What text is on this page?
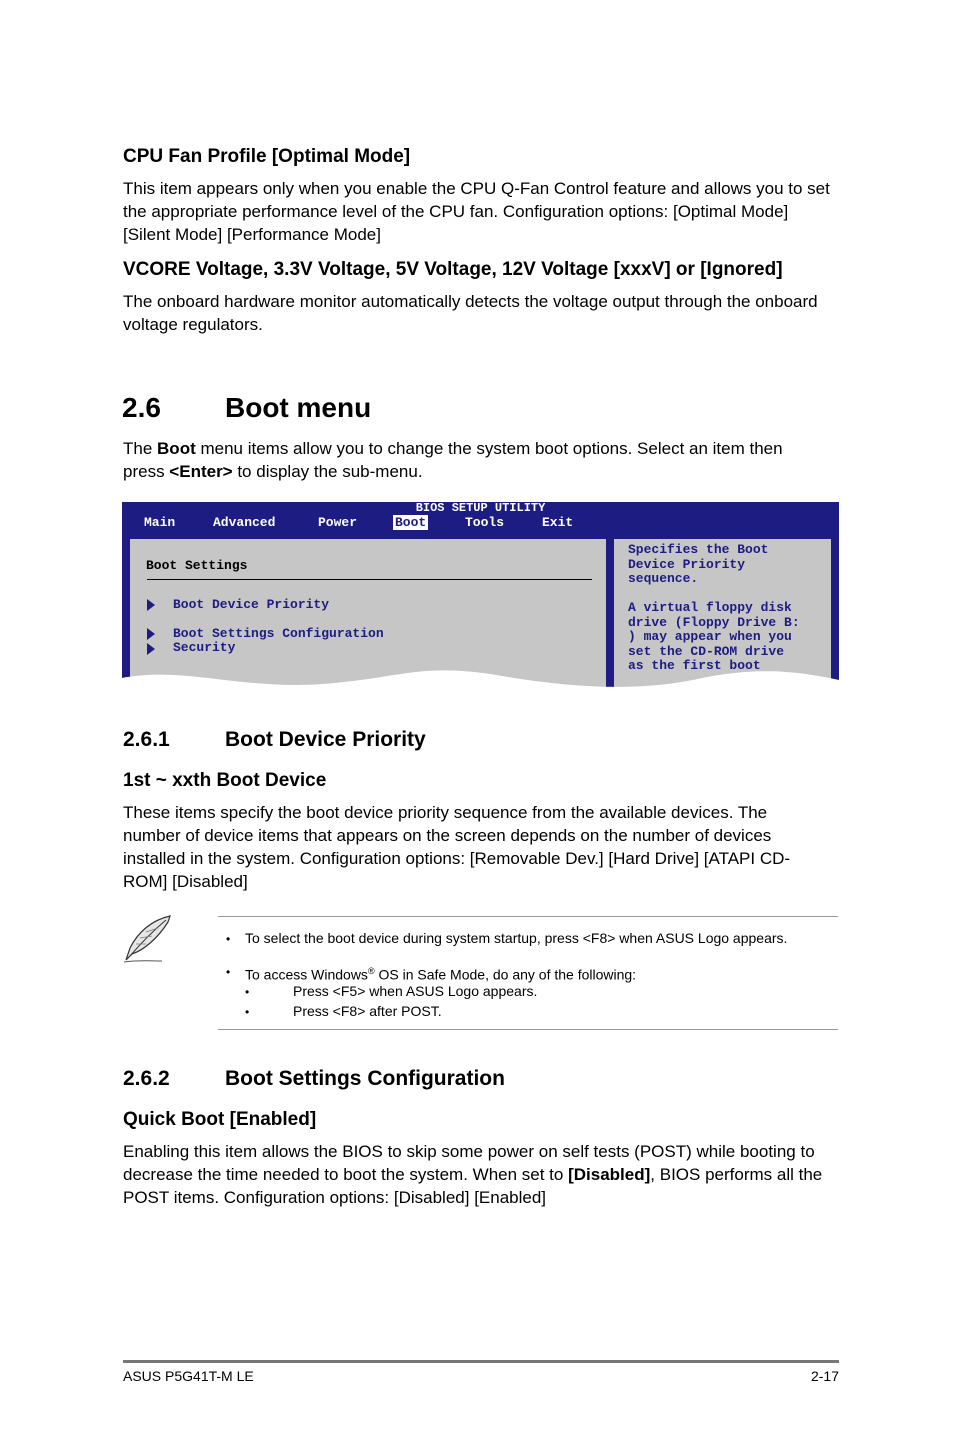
CPU Fan Profile [Optimal Mode]
This item appears only when you enable the CPU Q-Fan Control feature and allows you to set the appropriate performance level of the CPU fan. Configuration options: [Optimal Mode] [Silent Mode] [Performance Mode]
VCORE Voltage, 3.3V Voltage, 5V Voltage, 12V Voltage [xxxV] or [Ignored]
The onboard hardware monitor automatically detects the voltage output through the onboard voltage regulators.
2.6 Boot menu
The Boot menu items allow you to change the system boot options. Select an item then press <Enter> to display the sub-menu.
BIOS SETUP UTILITY
Main	Advanced	Power	Boot	Tools	Exit
Boot Settings
Boot Device Priority
Boot Settings Configuration
Security
Specifies the Boot
Device Priority
sequence.

A virtual floppy disk
drive (Floppy Drive B:
) may appear when you
set the CD-ROM drive
as the first boot
2.6.1	Boot Device Priority
1st ~ xxth Boot Device
These items specify the boot device priority sequence from the available devices. The number of device items that appears on the screen depends on the number of devices installed in the system. Configuration options: [Removable Dev.] [Hard Drive] [ATAPI CD-ROM] [Disabled]
• To select the boot device during system startup, press <F8> when ASUS Logo appears.
• To access Windows® OS in Safe Mode, do any of the following:
•	Press <F5> when ASUS Logo appears.
•	Press <F8> after POST.
2.6.2	Boot Settings Configuration
Quick Boot [Enabled]
Enabling this item allows the BIOS to skip some power on self tests (POST) while booting to decrease the time needed to boot the system. When set to [Disabled], BIOS performs all the POST items. Configuration options: [Disabled] [Enabled]
ASUS P5G41T-M LE	2-17
